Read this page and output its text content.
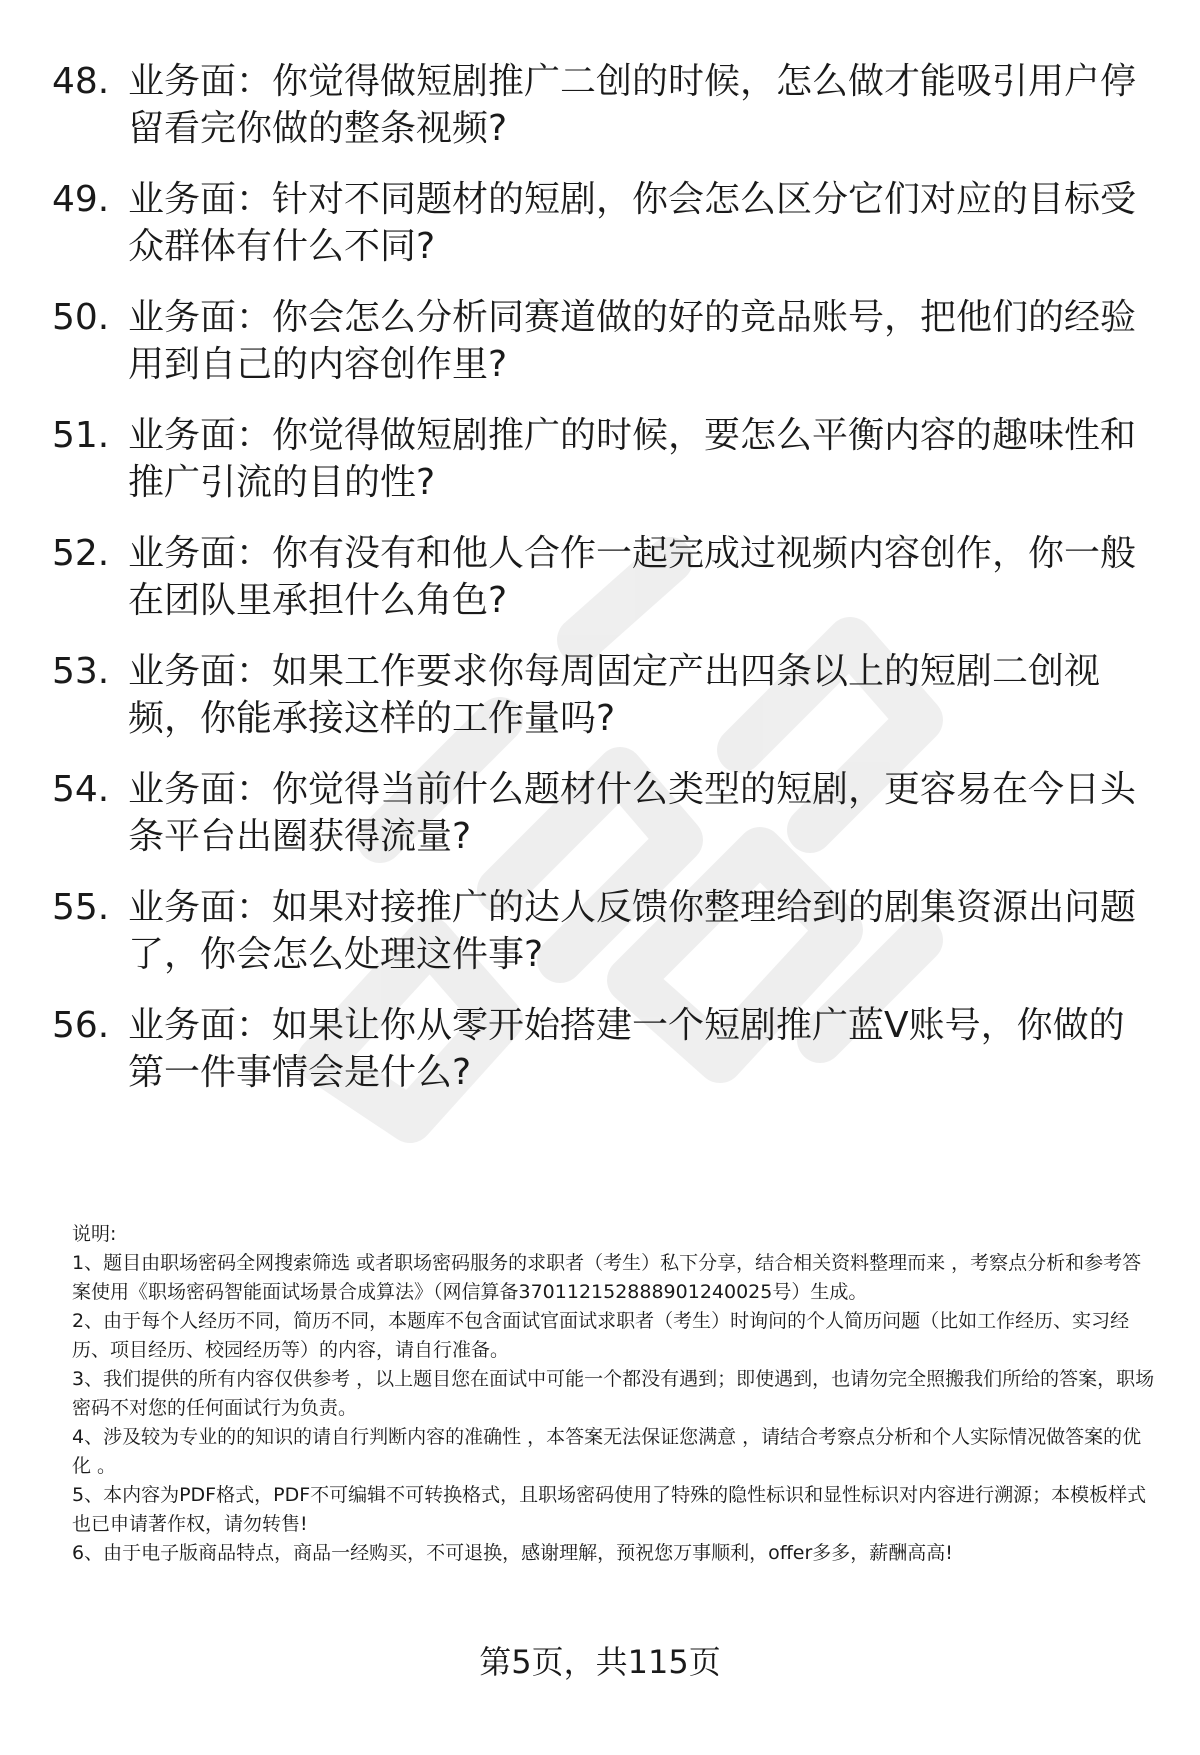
48. 业务面：你觉得做短剧推广二创的时候，怎么做才能吸引用户停留看完你做的整条视频?
49. 业务面：针对不同题材的短剧，你会怎么区分它们对应的目标受众群体有什么不同?
50. 业务面：你会怎么分析同赛道做的好的竞品账号，把他们的经验用到自己的内容创作里?
51. 业务面：你觉得做短剧推广的时候，要怎么平衡内容的趣味性和推广引流的目的性?
52. 业务面：你有没有和他人合作一起完成过视频内容创作，你一般在团队里承担什么角色?
53. 业务面：如果工作要求你每周固定产出四条以上的短剧二创视频，你能承接这样的工作量吗?
54. 业务面：你觉得当前什么题材什么类型的短剧，更容易在今日头条平台出圈获得流量?
55. 业务面：如果对接推广的达人反馈你整理给到的剧集资源出问题了，你会怎么处理这件事?
56. 业务面：如果让你从零开始搭建一个短剧推广蓝V账号，你做的第一件事情会是什么?

说明:

1、题目由职场密码全网搜索筛选 或者职场密码服务的求职者（考生）私下分享，结合相关资料整理而来 ，考察点分析和参考答案使用《职场密码智能面试场景合成算法》（网信算备370112152888901240025号）生成。

2、由于每个人经历不同，简历不同，本题库不包含面试官面试求职者（考生）时询问的个人简历问题（比如工作经历、实习经历、项目经历、校园经历等）的内容，请自行准备。

3、我们提供的所有内容仅供参考 ，以上题目您在面试中可能一个都没有遇到；即使遇到，也请勿完全照搬我们所给的答案，职场密码不对您的任何面试行为负责。

4、涉及较为专业的的知识的请自行判断内容的准确性 ，本答案无法保证您满意 ，请结合考察点分析和个人实际情况做答案的优化 。

5、本内容为PDF格式，PDF不可编辑不可转换格式，且职场密码使用了特殊的隐性标识和显性标识对内容进行溯源；本模板样式也已申请著作权，请勿转售!

6、由于电子版商品特点，商品一经购买，不可退换，感谢理解，预祝您万事顺利，offer多多，薪酬高高!

第5页，共115页
